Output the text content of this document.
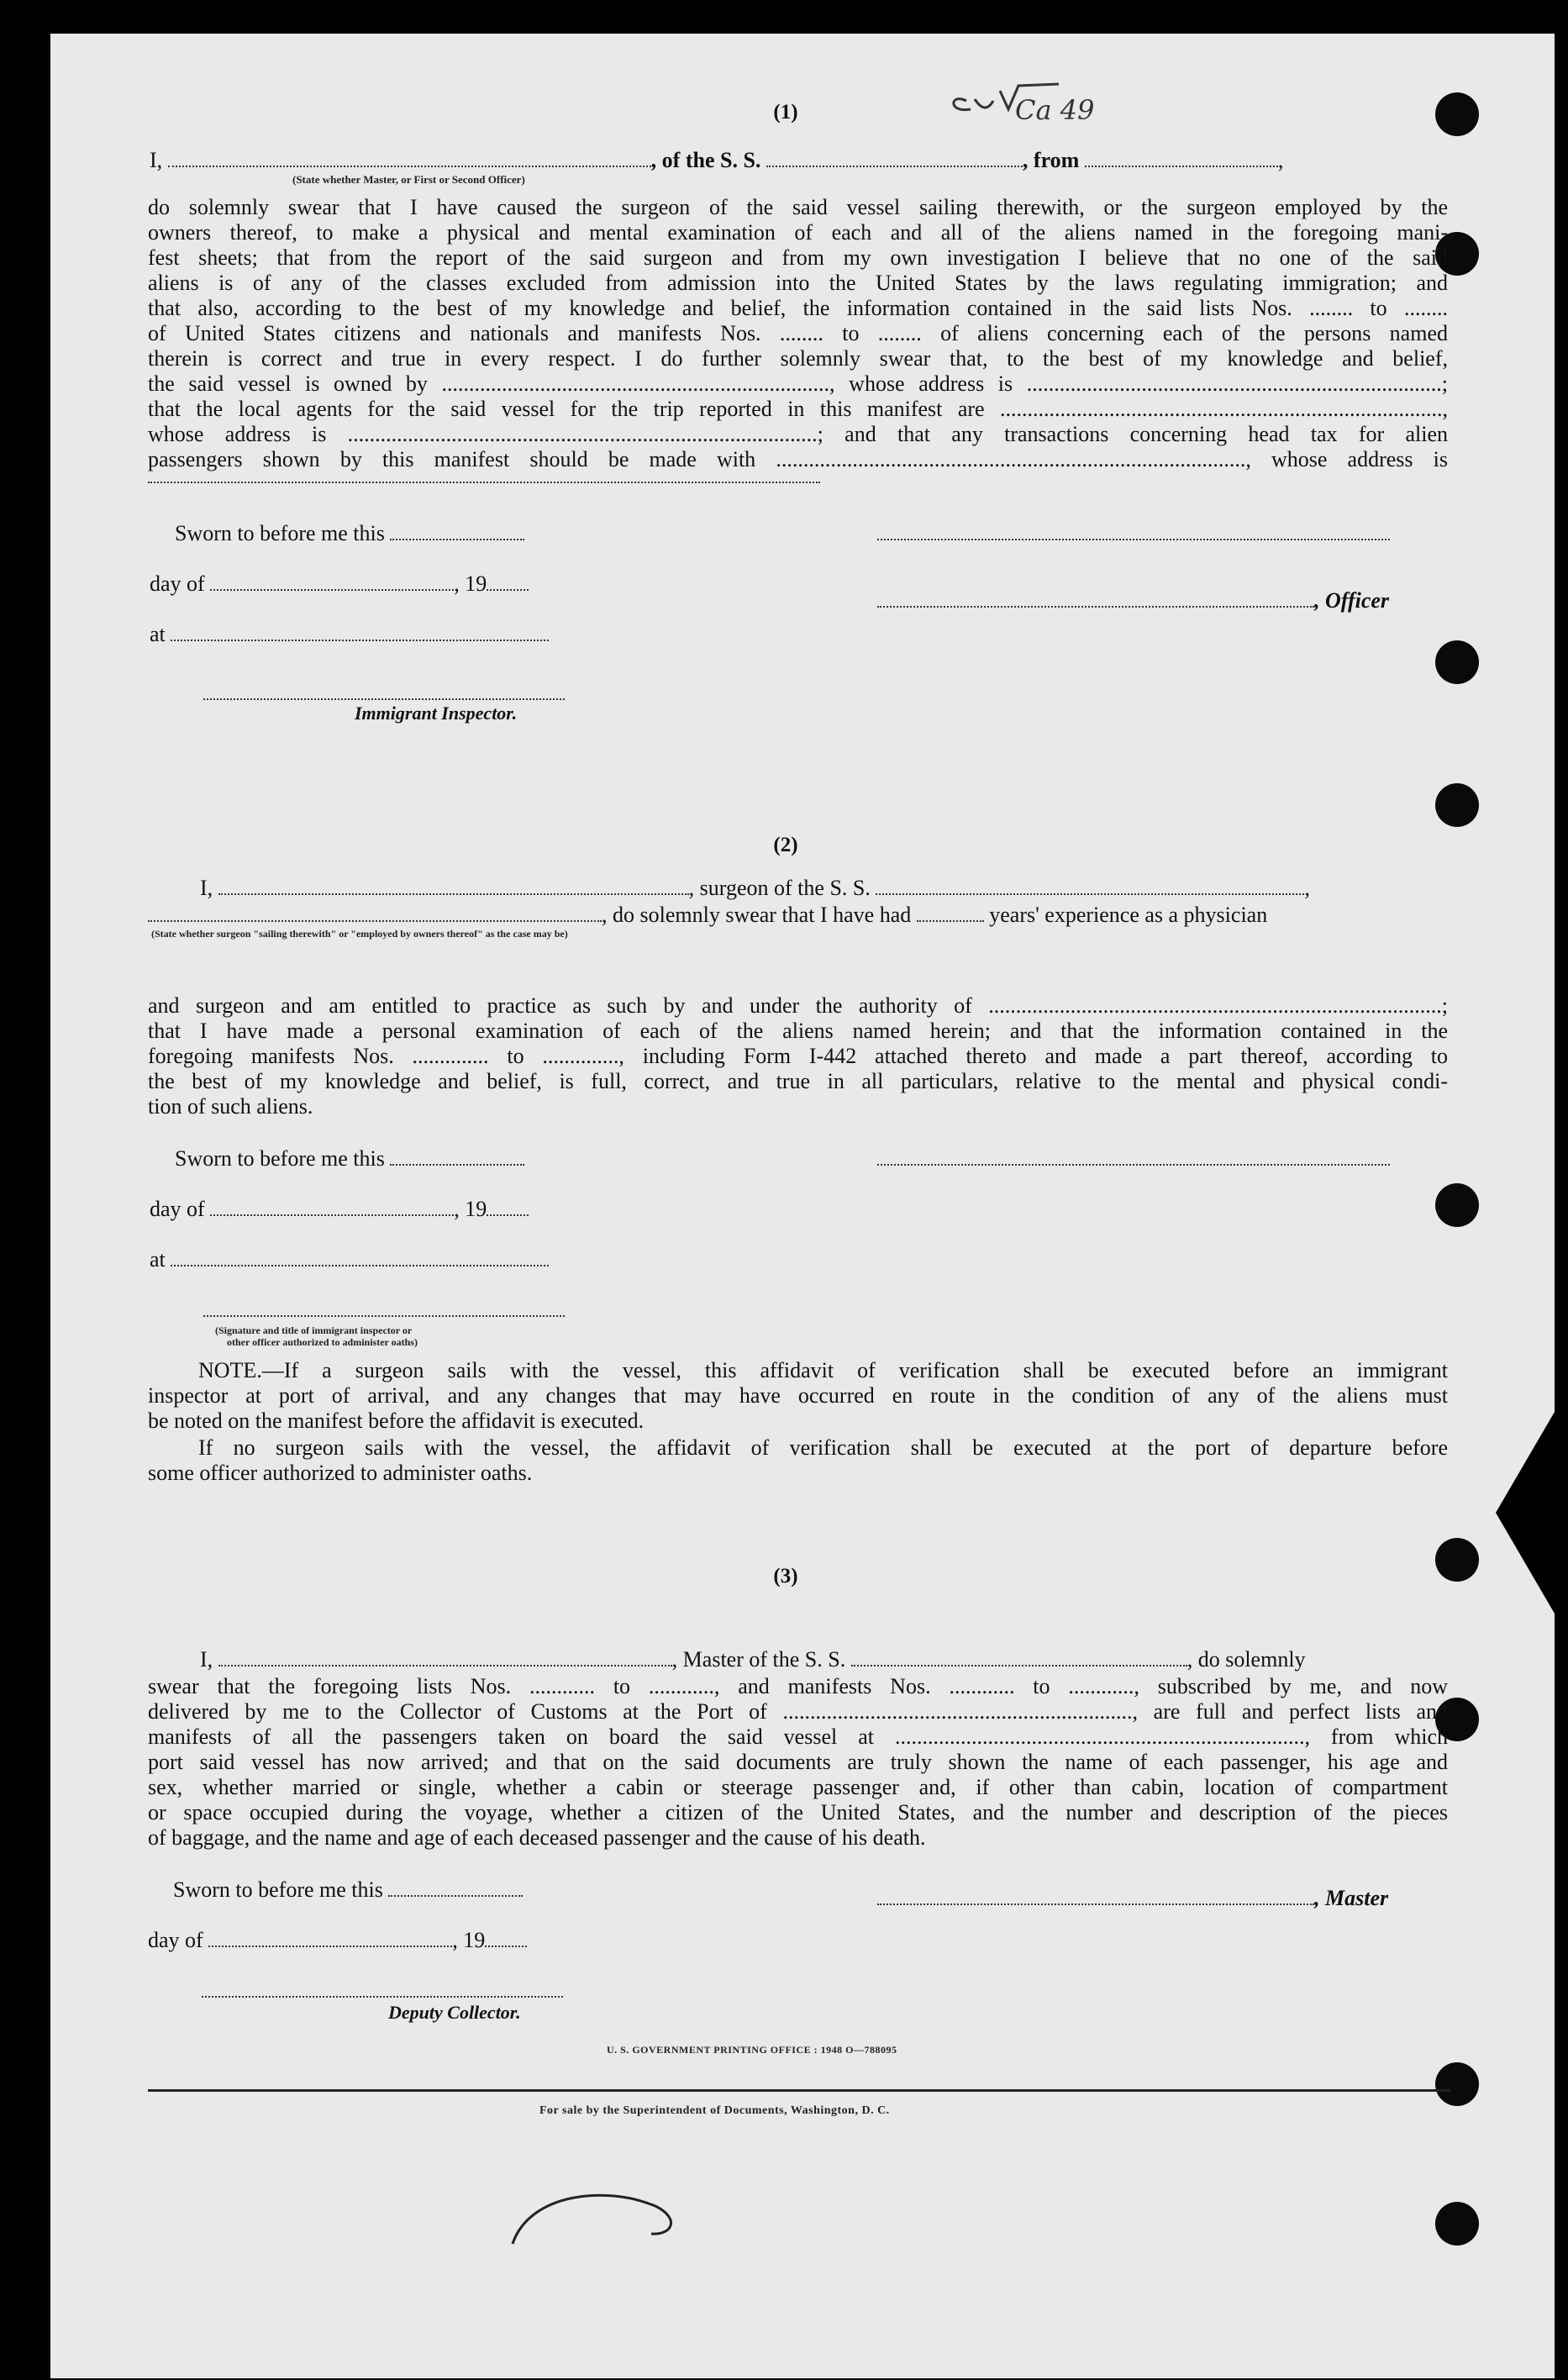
(1)	Ca 49
I,	, of the S. S.	, from	,
(State whether Master, or First or Second Officer)
do solemnly swear that I have caused the surgeon of the said vessel sailing therewith, or the surgeon employed by the
owners thereof, to make a physical and mental examination of each and all of the aliens named in the foregoing mani-
fest sheets; that from the report of the said surgeon and from my own investigation I believe that no one of the said
aliens is of any of the classes excluded from admission into the United States by the laws regulating immigration; and
that also, according to the best of my knowledge and belief, the information contained in the said lists Nos. ........ to ........
of United States citizens and nationals and manifests Nos. ........ to ........ of aliens concerning each of the persons named
therein is correct and true in every respect. I do further solemnly swear that, to the best of my knowledge and belief,
the said vessel is owned by ......................................................................., whose address is ............................................................................;
that the local agents for the said vessel for the trip reported in this manifest are .................................................................................,
whose address is ......................................................................................; and that any transactions concerning head tax for alien
passengers shown by this manifest should be made with ......................................................................................, whose address is
Sworn to before me this
day of	, 19
, Officer
at
Immigrant Inspector.
(2)
I,	, surgeon of the S. S.	,
, do solemnly swear that I have had	years' experience as a physician
(State whether surgeon "sailing therewith" or "employed by owners thereof" as the case may be)
and surgeon and am entitled to practice as such by and under the authority of ...................................................................................;
that I have made a personal examination of each of the aliens named herein; and that the information contained in the
foregoing manifests Nos. .............. to .............., including Form I-442 attached thereto and made a part thereof, according to
the best of my knowledge and belief, is full, correct, and true in all particulars, relative to the mental and physical condi-
tion of such aliens.
Sworn to before me this
day of	, 19
at
(Signature and title of immigrant inspector or
other officer authorized to administer oaths)
NOTE.—If a surgeon sails with the vessel, this affidavit of verification shall be executed before an immigrant
inspector at port of arrival, and any changes that may have occurred en route in the condition of any of the aliens must
be noted on the manifest before the affidavit is executed.
If no surgeon sails with the vessel, the affidavit of verification shall be executed at the port of departure before
some officer authorized to administer oaths.
(3)
I,	, Master of the S. S.	, do solemnly
swear that the foregoing lists Nos. ............ to ............, and manifests Nos. ............ to ............, subscribed by me, and now
delivered by me to the Collector of Customs at the Port of ................................................................, are full and perfect lists and
manifests of all the passengers taken on board the said vessel at ..........................................................................., from which
port said vessel has now arrived; and that on the said documents are truly shown the name of each passenger, his age and
sex, whether married or single, whether a cabin or steerage passenger and, if other than cabin, location of compartment
or space occupied during the voyage, whether a citizen of the United States, and the number and description of the pieces
of baggage, and the name and age of each deceased passenger and the cause of his death.
Sworn to before me this	, Master
day of	, 19
Deputy Collector.
U. S. GOVERNMENT PRINTING OFFICE : 1948 O—788095
For sale by the Superintendent of Documents, Washington, D. C.
